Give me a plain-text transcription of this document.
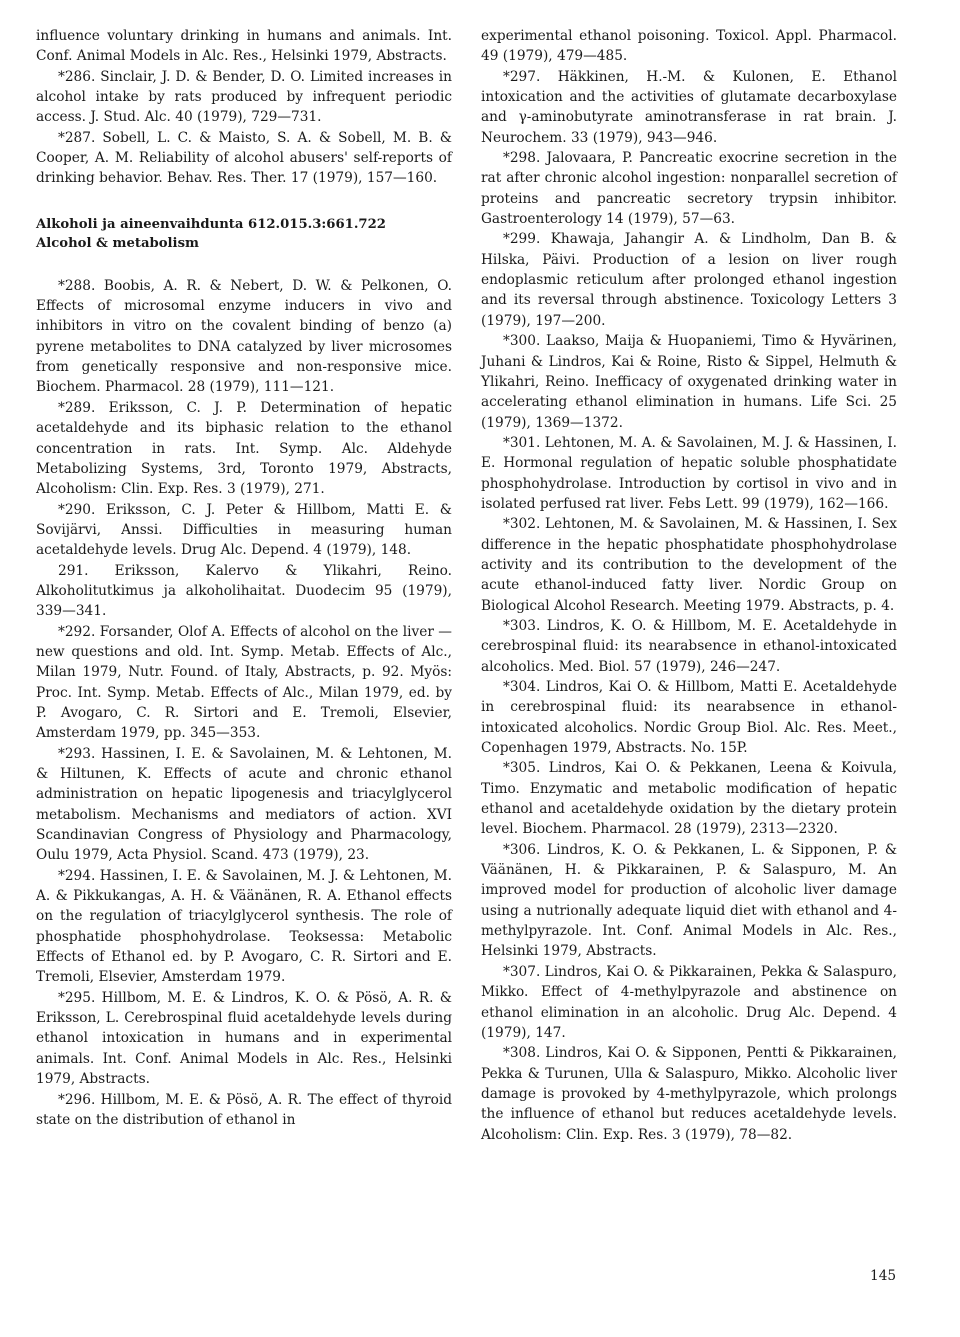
influence voluntary drinking in humans and animals. Int. Conf. Animal Models in Alc. Res., Helsinki 1979, Abstracts.

*286. Sinclair, J. D. & Bender, D. O. Limited increases in alcohol intake by rats produced by infrequent periodic access. J. Stud. Alc. 40 (1979), 729—731.

*287. Sobell, L. C. & Maisto, S. A. & Sobell, M. B. & Cooper, A. M. Reliability of alcohol abusers' self-reports of drinking behavior. Behav. Res. Ther. 17 (1979), 157—160.

Alkoholi ja aineenvaihdunta 612.015.3:661.722
Alcohol & metabolism

*288. Boobis, A. R. & Nebert, D. W. & Pelkonen, O. Effects of microsomal enzyme inducers in vivo and inhibitors in vitro on the covalent binding of benzo (a) pyrene metabolites to DNA catalyzed by liver microsomes from genetically responsive and non-responsive mice. Biochem. Pharmacol. 28 (1979), 111—121.

*289. Eriksson, C. J. P. Determination of hepatic acetaldehyde and its biphasic relation to the ethanol concentration in rats. Int. Symp. Alc. Aldehyde Metabolizing Systems, 3rd, Toronto 1979, Abstracts, Alcoholism: Clin. Exp. Res. 3 (1979), 271.

*290. Eriksson, C. J. Peter & Hillbom, Matti E. & Sovijärvi, Anssi. Difficulties in measuring human acetaldehyde levels. Drug Alc. Depend. 4 (1979), 148.

291. Eriksson, Kalervo & Ylikahri, Reino. Alkoholitutkimus ja alkoholihaitat. Duodecim 95 (1979), 339—341.

*292. Forsander, Olof A. Effects of alcohol on the liver — new questions and old. Int. Symp. Metab. Effects of Alc., Milan 1979, Nutr. Found. of Italy, Abstracts, p. 92. Myös: Proc. Int. Symp. Metab. Effects of Alc., Milan 1979, ed. by P. Avogaro, C. R. Sirtori and E. Tremoli, Elsevier, Amsterdam 1979, pp. 345—353.

*293. Hassinen, I. E. & Savolainen, M. & Lehtonen, M. & Hiltunen, K. Effects of acute and chronic ethanol administration on hepatic lipogenesis and triacylglycerol metabolism. Mechanisms and mediators of action. XVI Scandinavian Congress of Physiology and Pharmacology, Oulu 1979, Acta Physiol. Scand. 473 (1979), 23.

*294. Hassinen, I. E. & Savolainen, M. J. & Lehtonen, M. A. & Pikkukangas, A. H. & Väänänen, R. A. Ethanol effects on the regulation of triacylglycerol synthesis. The role of phosphatide phosphohydrolase. Teoksessa: Metabolic Effects of Ethanol ed. by P. Avogaro, C. R. Sirtori and E. Tremoli, Elsevier, Amsterdam 1979.

*295. Hillbom, M. E. & Lindros, K. O. & Pösö, A. R. & Eriksson, L. Cerebrospinal fluid acetaldehyde levels during ethanol intoxication in humans and in experimental animals. Int. Conf. Animal Models in Alc. Res., Helsinki 1979, Abstracts.

*296. Hillbom, M. E. & Pösö, A. R. The effect of thyroid state on the distribution of ethanol in

experimental ethanol poisoning. Toxicol. Appl. Pharmacol. 49 (1979), 479—485.

*297. Häkkinen, H.-M. & Kulonen, E. Ethanol intoxication and the activities of glutamate decarboxylase and γ-aminobutyrate aminotransferase in rat brain. J. Neurochem. 33 (1979), 943—946.

*298. Jalovaara, P. Pancreatic exocrine secretion in the rat after chronic alcohol ingestion: nonparallel secretion of proteins and pancreatic secretory trypsin inhibitor. Gastroenterology 14 (1979), 57—63.

*299. Khawaja, Jahangir A. & Lindholm, Dan B. & Hilska, Päivi. Production of a lesion on liver rough endoplasmic reticulum after prolonged ethanol ingestion and its reversal through abstinence. Toxicology Letters 3 (1979), 197—200.

*300. Laakso, Maija & Huopaniemi, Timo & Hyvärinen, Juhani & Lindros, Kai & Roine, Risto & Sippel, Helmuth & Ylikahri, Reino. Inefficacy of oxygenated drinking water in accelerating ethanol elimination in humans. Life Sci. 25 (1979), 1369—1372.

*301. Lehtonen, M. A. & Savolainen, M. J. & Hassinen, I. E. Hormonal regulation of hepatic soluble phosphatidate phosphohydrolase. Introduction by cortisol in vivo and in isolated perfused rat liver. Febs Lett. 99 (1979), 162—166.

*302. Lehtonen, M. & Savolainen, M. & Hassinen, I. Sex difference in the hepatic phosphatidate phosphohydrolase activity and its contribution to the development of the acute ethanol-induced fatty liver. Nordic Group on Biological Alcohol Research. Meeting 1979. Abstracts, p. 4.

*303. Lindros, K. O. & Hillbom, M. E. Acetaldehyde in cerebrospinal fluid: its nearabsence in ethanol-intoxicated alcoholics. Med. Biol. 57 (1979), 246—247.

*304. Lindros, Kai O. & Hillbom, Matti E. Acetaldehyde in cerebrospinal fluid: its nearabsence in ethanol-intoxicated alcoholics. Nordic Group Biol. Alc. Res. Meet., Copenhagen 1979, Abstracts. No. 15P.

*305. Lindros, Kai O. & Pekkanen, Leena & Koivula, Timo. Enzymatic and metabolic modification of hepatic ethanol and acetaldehyde oxidation by the dietary protein level. Biochem. Pharmacol. 28 (1979), 2313—2320.

*306. Lindros, K. O. & Pekkanen, L. & Sipponen, P. & Väänänen, H. & Pikkarainen, P. & Salaspuro, M. An improved model for production of alcoholic liver damage using a nutrionally adequate liquid diet with ethanol and 4-methylpyrazole. Int. Conf. Animal Models in Alc. Res., Helsinki 1979, Abstracts.

*307. Lindros, Kai O. & Pikkarainen, Pekka & Salaspuro, Mikko. Effect of 4-methylpyrazole and abstinence on ethanol elimination in an alcoholic. Drug Alc. Depend. 4 (1979), 147.

*308. Lindros, Kai O. & Sipponen, Pentti & Pikkarainen, Pekka & Turunen, Ulla & Salaspuro, Mikko. Alcoholic liver damage is provoked by 4-methylpyrazole, which prolongs the influence of ethanol but reduces acetaldehyde levels. Alcoholism: Clin. Exp. Res. 3 (1979), 78—82.

145
